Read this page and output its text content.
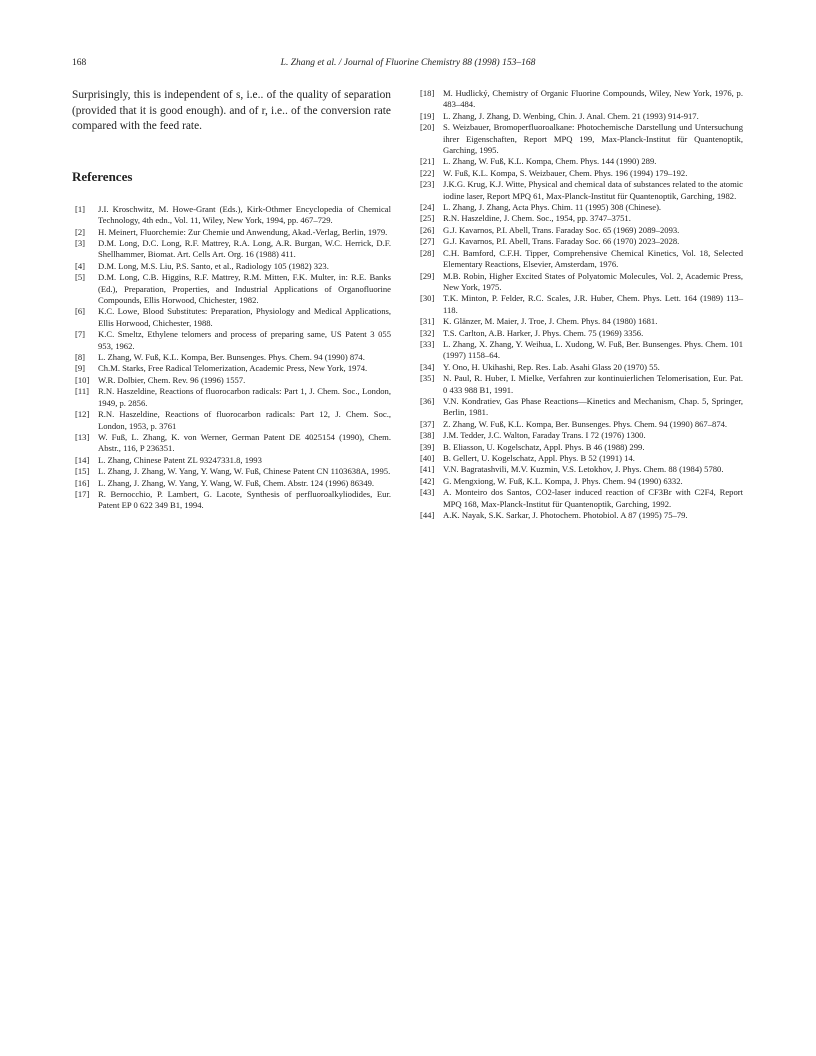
168	L. Zhang et al. / Journal of Fluorine Chemistry 88 (1998) 153–168

Surprisingly, this is independent of s, i.e.. of the quality of separation (provided that it is good enough). and of r, i.e.. of the conversion rate compared with the feed rate.

References
[1] J.I. Kroschwitz, M. Howe-Grant (Eds.), Kirk-Othmer Encyclopedia of Chemical Technology, 4th edn., Vol. 11, Wiley, New York, 1994, pp. 467–729.
[2] H. Meinert, Fluorchemie: Zur Chemie und Anwendung, Akad.-Verlag, Berlin, 1979.
[3] D.M. Long, D.C. Long, R.F. Mattrey, R.A. Long, A.R. Burgan, W.C. Herrick, D.F. Shellhammer, Biomat. Art. Cells Art. Org. 16 (1988) 411.
[4] D.M. Long, M.S. Liu, P.S. Santo, et al., Radiology 105 (1982) 323.
[5] D.M. Long, C.B. Higgins, R.F. Mattrey, R.M. Mitten, F.K. Multer, in: R.E. Banks (Ed.), Preparation, Properties, and Industrial Applications of Organofluorine Compounds, Ellis Horwood, Chichester, 1982.
[6] K.C. Lowe, Blood Substitutes: Preparation, Physiology and Medical Applications, Ellis Horwood, Chichester, 1988.
[7] K.C. Smeltz, Ethylene telomers and process of preparing same, US Patent 3 055 953, 1962.
[8] L. Zhang, W. Fuß, K.L. Kompa, Ber. Bunsenges. Phys. Chem. 94 (1990) 874.
[9] Ch.M. Starks, Free Radical Telomerization, Academic Press, New York, 1974.
[10] W.R. Dolbier, Chem. Rev. 96 (1996) 1557.
[11] R.N. Haszeldine, Reactions of fluorocarbon radicals: Part 1, J. Chem. Soc., London, 1949, p. 2856.
[12] R.N. Haszeldine, Reactions of fluorocarbon radicals: Part 12, J. Chem. Soc., London, 1953, p. 3761
[13] W. Fuß, L. Zhang, K. von Werner, German Patent DE 4025154 (1990), Chem. Abstr., 116, P 236351.
[14] L. Zhang, Chinese Patent ZL 93247331.8, 1993
[15] L. Zhang, J. Zhang, W. Yang, Y. Wang, W. Fuß, Chinese Patent CN 1103638A, 1995.
[16] L. Zhang, J. Zhang, W. Yang, Y. Wang, W. Fuß, Chem. Abstr. 124 (1996) 86349.
[17] R. Bernocchio, P. Lambert, G. Lacote, Synthesis of perfluoroalkyliodides, Eur. Patent EP 0 622 349 B1, 1994.
[18] M. Hudlický, Chemistry of Organic Fluorine Compounds, Wiley, New York, 1976, p. 483–484.
[19] L. Zhang, J. Zhang, D. Wenbing, Chin. J. Anal. Chem. 21 (1993) 914-917.
[20] S. Weizbauer, Bromoperfluoroalkane: Photochemische Darstellung und Untersuchung ihrer Eigenschaften, Report MPQ 199, Max-Planck-Institut für Quantenoptik, Garching, 1995.
[21] L. Zhang, W. Fuß, K.L. Kompa, Chem. Phys. 144 (1990) 289.
[22] W. Fuß, K.L. Kompa, S. Weizbauer, Chem. Phys. 196 (1994) 179–192.
[23] J.K.G. Krug, K.J. Witte, Physical and chemical data of substances related to the atomic iodine laser, Report MPQ 61, Max-Planck-Institut für Quantenoptik, Garching, 1982.
[24] L. Zhang, J. Zhang, Acta Phys. Chim. 11 (1995) 308 (Chinese).
[25] R.N. Haszeldine, J. Chem. Soc., 1954, pp. 3747–3751.
[26] G.J. Kavarnos, P.I. Abell, Trans. Faraday Soc. 65 (1969) 2089–2093.
[27] G.J. Kavarnos, P.I. Abell, Trans. Faraday Soc. 66 (1970) 2023–2028.
[28] C.H. Bamford, C.F.H. Tipper, Comprehensive Chemical Kinetics, Vol. 18, Selected Elementary Reactions, Elsevier, Amsterdam, 1976.
[29] M.B. Robin, Higher Excited States of Polyatomic Molecules, Vol. 2, Academic Press, New York, 1975.
[30] T.K. Minton, P. Felder, R.C. Scales, J.R. Huber, Chem. Phys. Lett. 164 (1989) 113–118.
[31] K. Glänzer, M. Maier, J. Troe, J. Chem. Phys. 84 (1980) 1681.
[32] T.S. Carlton, A.B. Harker, J. Phys. Chem. 75 (1969) 3356.
[33] L. Zhang, X. Zhang, Y. Weihua, L. Xudong, W. Fuß, Ber. Bunsenges. Phys. Chem. 101 (1997) 1158–64.
[34] Y. Ono, H. Ukihashi, Rep. Res. Lab. Asahi Glass 20 (1970) 55.
[35] N. Paul, R. Huber, I. Mielke, Verfahren zur kontinuierlichen Telomerisation, Eur. Pat. 0 433 988 B1, 1991.
[36] V.N. Kondratiev, Gas Phase Reactions—Kinetics and Mechanism, Chap. 5, Springer, Berlin, 1981.
[37] Z. Zhang, W. Fuß, K.L. Kompa, Ber. Bunsenges. Phys. Chem. 94 (1990) 867–874.
[38] J.M. Tedder, J.C. Walton, Faraday Trans. I 72 (1976) 1300.
[39] B. Eliasson, U. Kogelschatz, Appl. Phys. B 46 (1988) 299.
[40] B. Gellert, U. Kogelschatz, Appl. Phys. B 52 (1991) 14.
[41] V.N. Bagratashvili, M.V. Kuzmin, V.S. Letokhov, J. Phys. Chem. 88 (1984) 5780.
[42] G. Mengxiong, W. Fuß, K.L. Kompa, J. Phys. Chem. 94 (1990) 6332.
[43] A. Monteiro dos Santos, CO2-laser induced reaction of CF3Br with C2F4, Report MPQ 168, Max-Planck-Institut für Quantenoptik, Garching, 1992.
[44] A.K. Nayak, S.K. Sarkar, J. Photochem. Photobiol. A 87 (1995) 75–79.
